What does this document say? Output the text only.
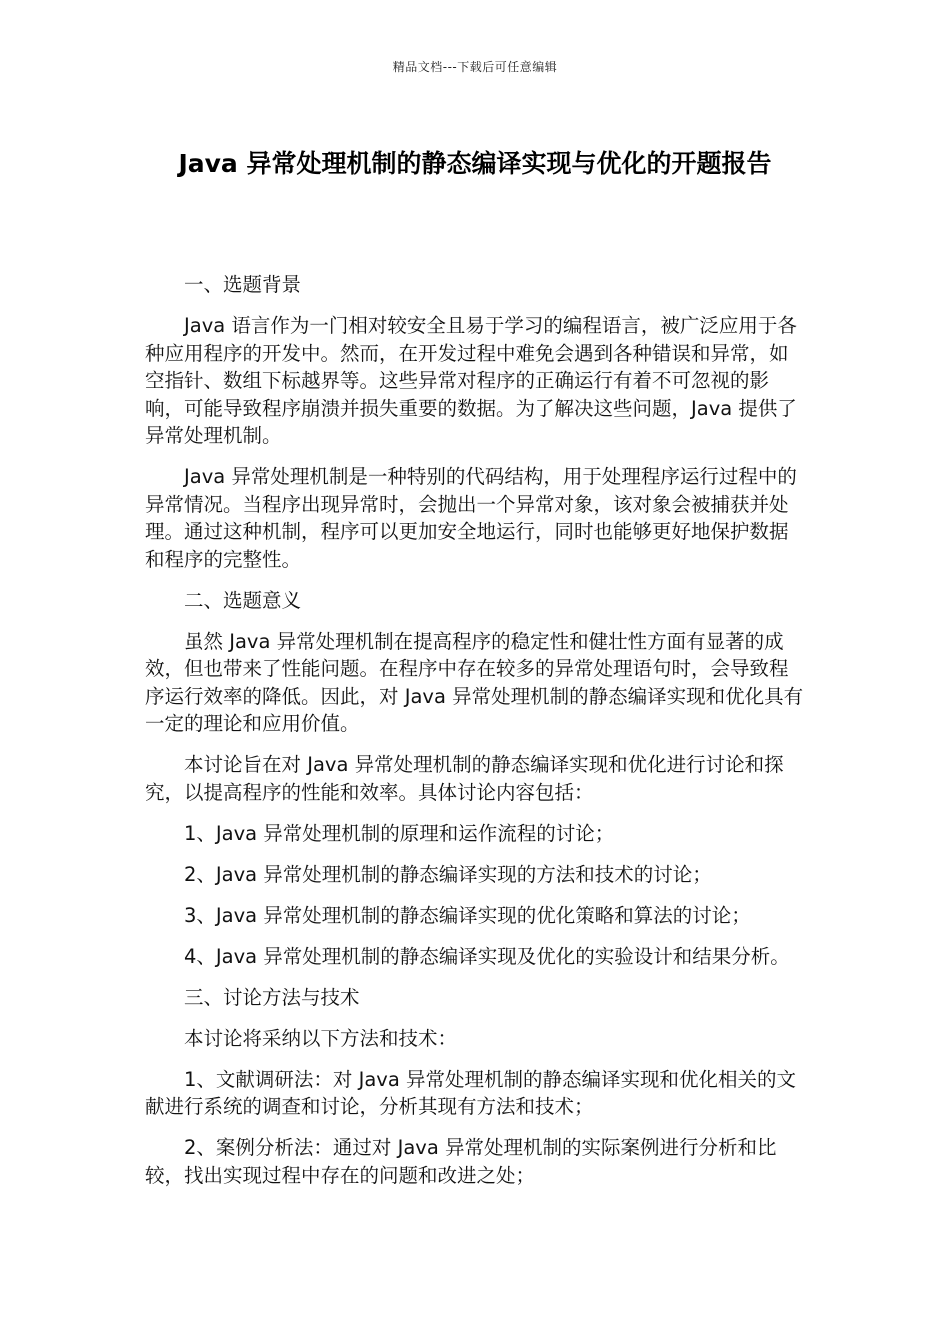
精品文档---下载后可任意编辑
Java 异常处理机制的静态编译实现与优化的开题报告

一、选题背景

Java 语言作为一门相对较安全且易于学习的编程语言，被广泛应用于各种应用程序的开发中。然而，在开发过程中难免会遇到各种错误和异常，如空指针、数组下标越界等。这些异常对程序的正确运行有着不可忽视的影响，可能导致程序崩溃并损失重要的数据。为了解决这些问题，Java 提供了异常处理机制。

Java 异常处理机制是一种特别的代码结构，用于处理程序运行过程中的异常情况。当程序出现异常时，会抛出一个异常对象，该对象会被捕获并处理。通过这种机制，程序可以更加安全地运行，同时也能够更好地保护数据和程序的完整性。

二、选题意义

虽然 Java 异常处理机制在提高程序的稳定性和健壮性方面有显著的成效，但也带来了性能问题。在程序中存在较多的异常处理语句时，会导致程序运行效率的降低。因此，对 Java 异常处理机制的静态编译实现和优化具有一定的理论和应用价值。

本讨论旨在对 Java 异常处理机制的静态编译实现和优化进行讨论和探究，以提高程序的性能和效率。具体讨论内容包括：

1、Java 异常处理机制的原理和运作流程的讨论；

2、Java 异常处理机制的静态编译实现的方法和技术的讨论；

3、Java 异常处理机制的静态编译实现的优化策略和算法的讨论；

4、Java 异常处理机制的静态编译实现及优化的实验设计和结果分析。

三、讨论方法与技术

本讨论将采纳以下方法和技术：

1、文献调研法：对 Java 异常处理机制的静态编译实现和优化相关的文献进行系统的调查和讨论，分析其现有方法和技术；

2、案例分析法：通过对 Java 异常处理机制的实际案例进行分析和比较，找出实现过程中存在的问题和改进之处；
